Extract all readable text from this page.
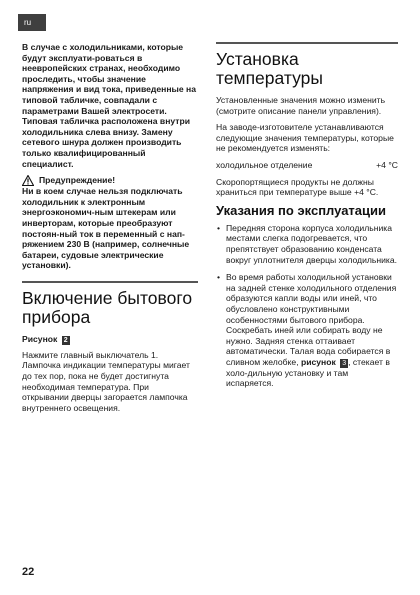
ru

В случае с холодильниками, которые будут эксплуати-роваться в неевропейских странах, необходимо проследить, чтобы значение напряжения и вид тока, приведенные на типовой табличке, совпадали с параметрами Вашей электросети. Типовая табличка расположена внутри холодильника слева внизу. Замену сетевого шнура должен производить только квалифицированный специалист.

Предупреждение!

Ни в коем случае нельзя подключать холодильник к электронным энергоэкономич-ным штекерам или инверторам, которые преобразуют постоян-ный ток в переменный с нап-ряжением 230 В (например, солнечные батареи, судовые электрические установки).

Включение бытового прибора

Рисунок 2

Нажмите главный выключатель 1. Лампочка индикации температуры мигает до тех пор, пока не будет достигнута необходимая температура. При открывании дверцы загорается лампочка внутреннего освещения.

Установка температуры

Установленные значения можно изменить (смотрите описание панели управления).

На заводе-изготовителе устанавливаются следующие значения температуры, которые не рекомендуется изменять:

холодильное отделение	+4 °C

Скоропортящиеся продукты не должны храниться при температуре выше +4 °C.

Указания по эксплуатации
• Передняя сторона корпуса холодильника местами слегка подогревается, что препятствует образованию конденсата вокруг уплотнителя дверцы холодильника.
• Во время работы холодильной установки на задней стенке холодильного отделения образуются капли воды или иней, что обусловлено конструктивными особенностями бытового прибора. Соскребать иней или собирать воду не нужно. Задняя стенка оттаивает автоматически. Талая вода собирается в сливном желобке, рисунок 3 , стекает в холо-дильную установку и там испаряется.
22
